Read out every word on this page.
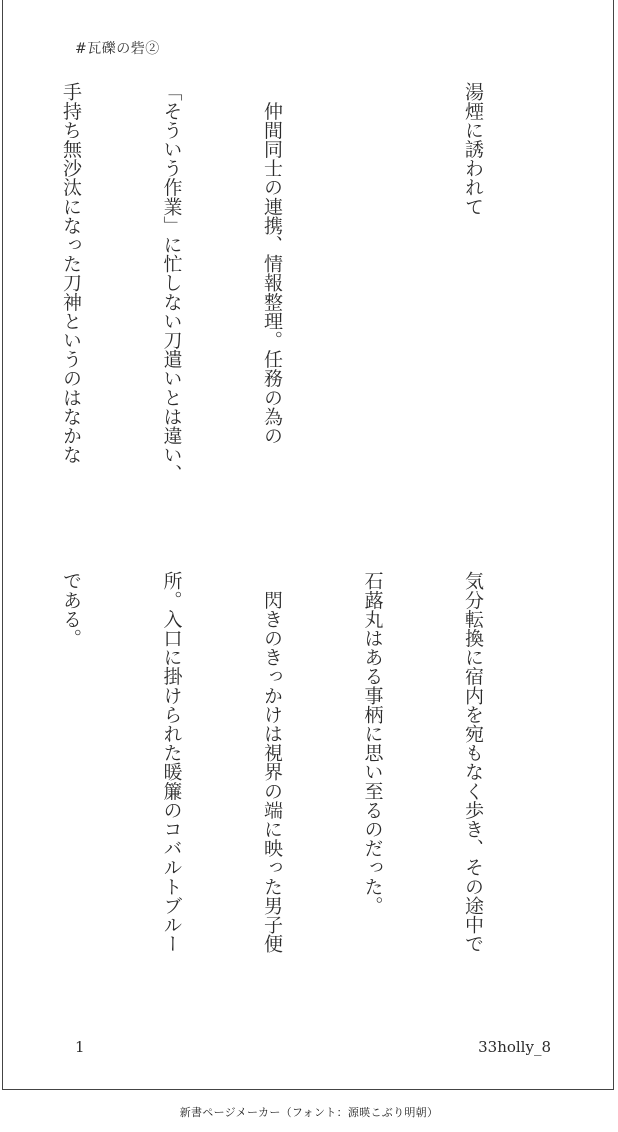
#瓦礫の砦②

湯煙に誘われて

　仲間同士の連携、情報整理。任務の為の

「そういう作業」に忙しない刀遣いとは違い、

手持ち無沙汰になった刀神というのはなかな

気分転換に宿内を宛もなく歩き、その途中で

石蕗丸はある事柄に思い至るのだった。

　閃きのきっかけは視界の端に映った男子便

所。入口に掛けられた暖簾のコバルトブルー

である。

1	33holly_8
新書ページメーカー（フォント：源暎こぶり明朝）
